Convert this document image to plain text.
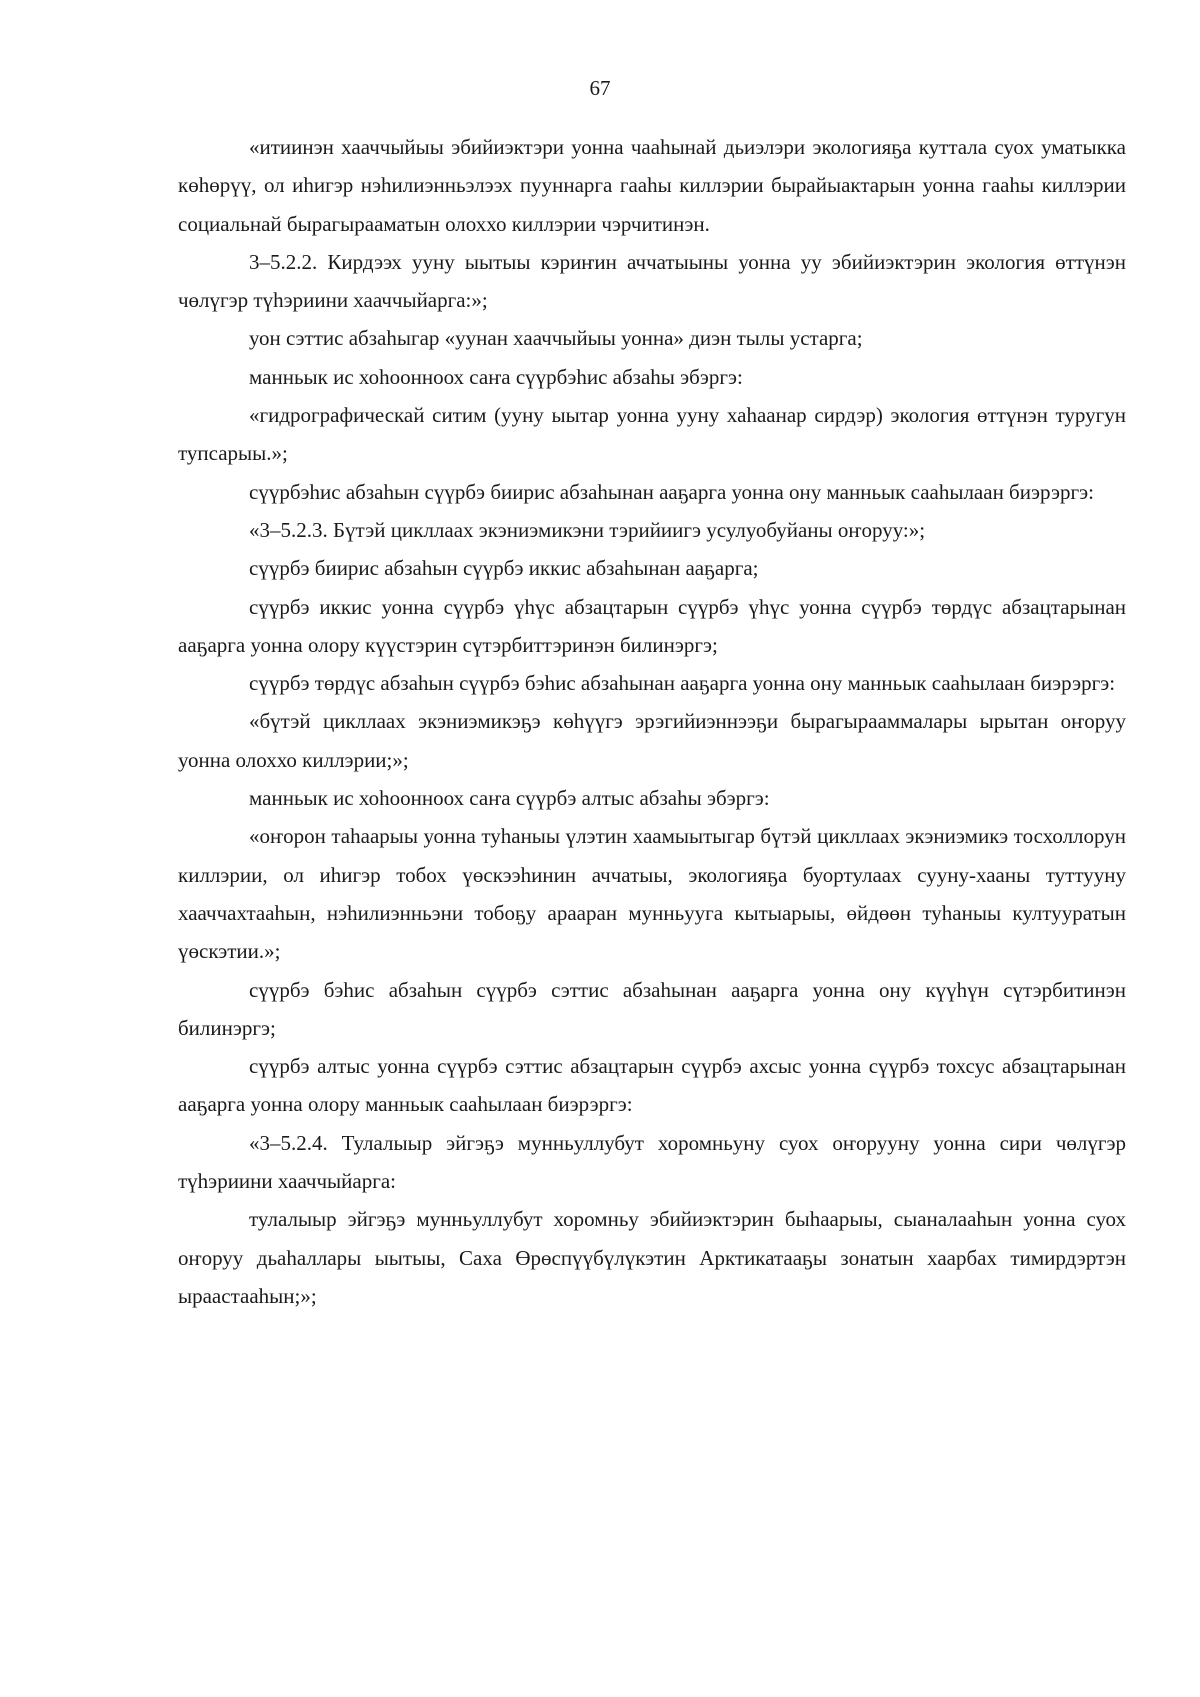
67

«итиинэн хааччыйыы эбийиэктэри уонна чааһынай дьиэлэри экологияҕа куттала суох уматыкка көһөрүү, ол иһигэр нэһилиэнньэлээх пууннарга гааһы киллэрии бырайыактарын уонна гааһы киллэрии социальнай бырагырааматын олоххо киллэрии чэрчитинэн.

3–5.2.2. Кирдээх ууну ыытыы кэриҥин аччатыыны уонна уу эбийиэктэрин экология өттүнэн чөлүгэр түһэриини хааччыйарга:»;

уон сэттис абзаһыгар «уунан хааччыйыы уонна» диэн тылы устарга;

манньык ис хоһоонноох саҥа сүүрбэһис абзаһы эбэргэ:

«гидрографическай ситим (ууну ыытар уонна ууну хаһаанар сирдэр) экология өттүнэн туругун тупсарыы.»;

сүүрбэһис абзаһын сүүрбэ биирис абзаһынан ааҕарга уонна ону манньык сааһылаан биэрэргэ:

«3–5.2.3. Бүтэй цикллаах экэниэмикэни тэрийиигэ усулуобуйаны оҥоруу:»;

сүүрбэ биирис абзаһын сүүрбэ иккис абзаһынан ааҕарга;

сүүрбэ иккис уонна сүүрбэ үһүс абзацтарын сүүрбэ үһүс уонна сүүрбэ төрдүс абзацтарынан ааҕарга уонна олору күүстэрин сүтэрбиттэринэн билинэргэ;

сүүрбэ төрдүс абзаһын сүүрбэ бэһис абзаһынан ааҕарга уонна ону манньык сааһылаан биэрэргэ:

«бүтэй цикллаах экэниэмикэҕэ көһүүгэ эрэгийиэннээҕи бырагырааммалары ырытан оҥоруу уонна олоххо киллэрии;»;

манньык ис хоһоонноох саҥа сүүрбэ алтыс абзаһы эбэргэ:

«оҥорон таһаарыы уонна туһаныы үлэтин хаамыытыгар бүтэй цикллаах экэниэмикэ тосхоллорун киллэрии, ол иһигэр тобох үөскээһинин аччатыы, экологияҕа буортулаах сууну-хааны туттууну хааччахтааһын, нэһилиэнньэни тобоҕу арааран мунньууга кытыарыы, өйдөөн туһаныы култууратын үөскэтии.»;

сүүрбэ бэһис абзаһын сүүрбэ сэттис абзаһынан ааҕарга уонна ону күүһүн сүтэрбитинэн билинэргэ;

сүүрбэ алтыс уонна сүүрбэ сэттис абзацтарын сүүрбэ ахсыс уонна сүүрбэ тохсус абзацтарынан ааҕарга уонна олору манньык сааһылаан биэрэргэ:

«3–5.2.4. Тулалыыр эйгэҕэ мунньуллубут хоромньуну суох оҥорууну уонна сири чөлүгэр түһэриини хааччыйарга:

тулалыыр эйгэҕэ мунньуллубут хоромньу эбийиэктэрин быһаарыы, сыаналааһын уонна суох оҥоруу дьаһаллары ыытыы, Саха Өрөспүүбүлүкэтин Арктикатааҕы зонатын хаарбах тимирдэртэн ыраастааһын;»;
